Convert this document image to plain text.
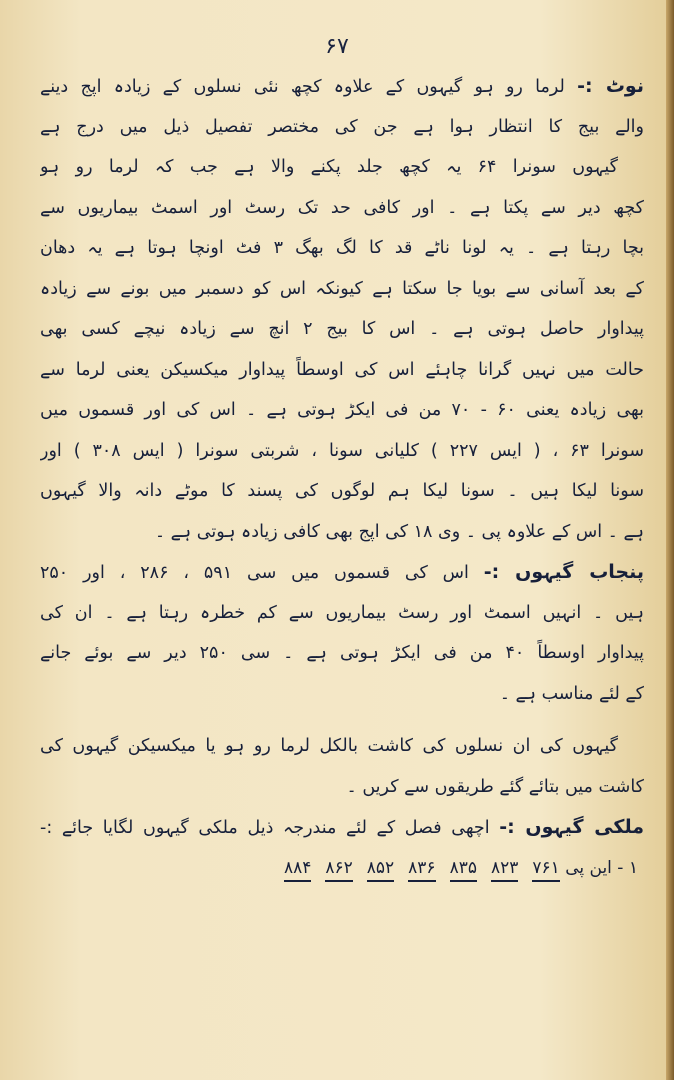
۶۷
نوٹ :- لرما رو ہو گیہوں کے علاوہ کچھ نئی نسلوں کے زیادہ اپج دینے
والے بیج کا انتظار ہوا ہے جن کی مختصر تفصیل ذیل میں درج ہے
گیہوں سونرا ۶۴ یہ کچھ جلد پکنے والا ہے جب کہ لرما رو ہو
کچھ دیر سے پکتا ہے ۔ اور کافی حد تک رسٹ اور اسمٹ بیماریوں سے
بچا رہتا ہے ۔ یہ لونا ناٹے قد کا لگ بھگ ۳ فٹ اونچا ہوتا ہے یہ دھان
کے بعد آسانی سے بویا جا سکتا ہے کیونکہ اس کو دسمبر میں بونے سے زیادہ
پیداوار حاصل ہوتی ہے ۔ اس کا بیج ۲ انچ سے زیادہ نیچے کسی بھی
حالت میں نہیں گرانا چاہئے اس کی اوسطاً پیداوار میکسیکن یعنی لرما سے
بھی زیادہ یعنی ۶۰ - ۷۰ من فی ایکڑ ہوتی ہے ۔ اس کی اور قسموں میں
سونرا ۶۳ ، ( ایس ۲۲۷ ) کلیانی سونا ، شربتی سونرا ( ایس ۳۰۸ ) اور
سونا لیکا ہیں ۔ سونا لیکا ہم لوگوں کی پسند کا موٹے دانہ والا گیہوں
ہے ۔ اس کے علاوہ پی ۔ وی ۱۸ کی اپج بھی کافی زیادہ ہوتی ہے ۔
پنجاب گیہوں :- اس کی قسموں میں سی ۵۹۱ ، ۲۸۶ ، اور ۲۵۰
ہیں ۔ انہیں اسمٹ اور رسٹ بیماریوں سے کم خطرہ رہتا ہے ۔ ان کی
پیداوار اوسطاً ۴۰ من فی ایکڑ ہوتی ہے ۔ سی ۲۵۰ دیر سے بوئے جانے
کے لئے مناسب ہے ۔
گیہوں کی ان نسلوں کی کاشت بالکل لرما رو ہو یا میکسیکن گیہوں کی
کاشت میں بتائے گئے طریقوں سے کریں ۔
ملکی گیہوں :- اچھی فصل کے لئے مندرجہ ذیل ملکی گیہوں لگایا جائے :-
۱ - این پی ۷۶۱۸۲۳۸۳۵۸۳۶۸۵۲۸۶۲۸۸۴
